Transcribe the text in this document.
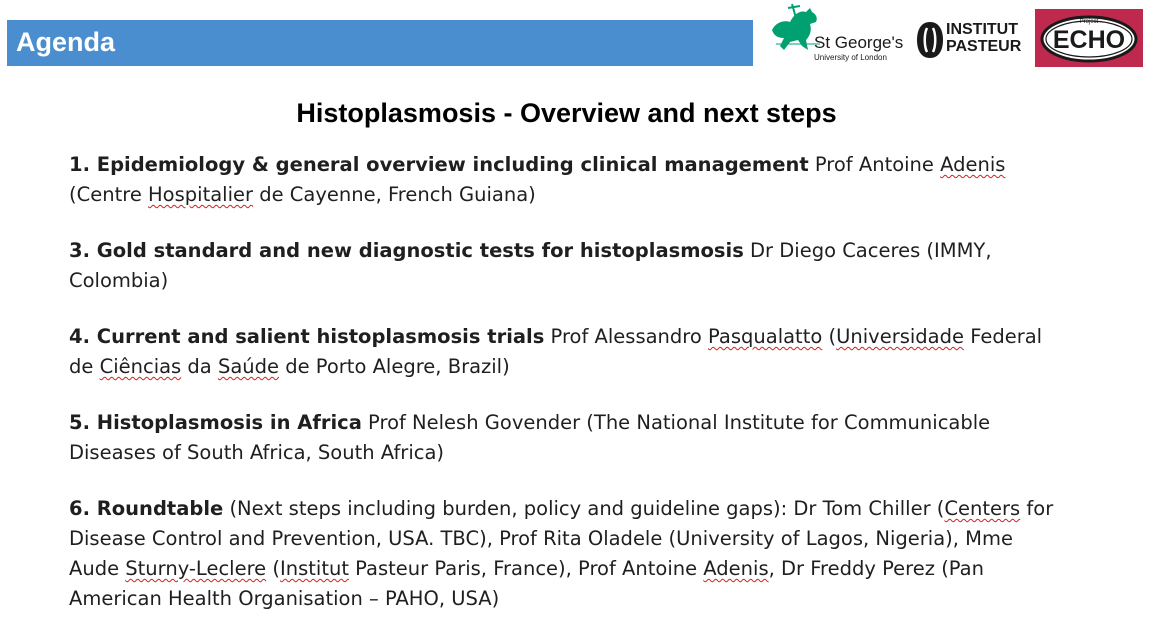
Agenda	St George's
University of London
INSTITUT
PASTEUR
Project
ECHO
Histoplasmosis - Overview and next steps
1. Epidemiology & general overview including clinical management Prof Antoine Adenis (Centre Hospitalier de Cayenne, French Guiana)
3. Gold standard and new diagnostic tests for histoplasmosis Dr Diego Caceres (IMMY, Colombia)
4. Current and salient histoplasmosis trials Prof Alessandro Pasqualatto (Universidade Federal de Ciências da Saúde de Porto Alegre, Brazil)
5. Histoplasmosis in Africa Prof Nelesh Govender (The National Institute for Communicable Diseases of South Africa, South Africa)
6. Roundtable (Next steps including burden, policy and guideline gaps): Dr Tom Chiller (Centers for Disease Control and Prevention, USA. TBC), Prof Rita Oladele (University of Lagos, Nigeria), Mme Aude Sturny-Leclere (Institut Pasteur Paris, France), Prof Antoine Adenis, Dr Freddy Perez (Pan American Health Organisation – PAHO, USA)
